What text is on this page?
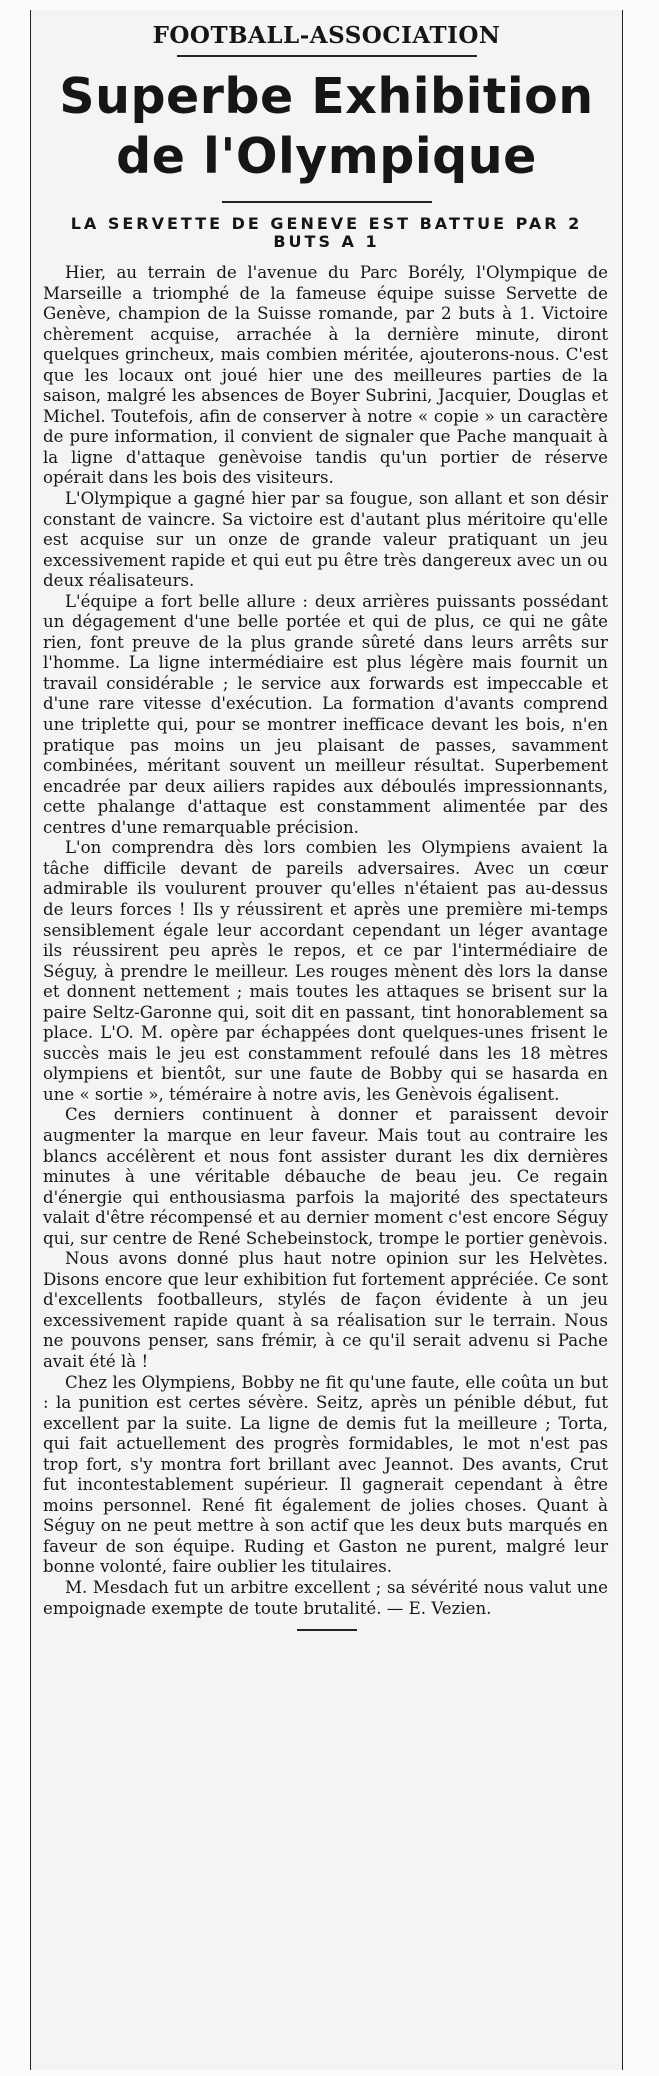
FOOTBALL-ASSOCIATION
Superbe Exhibition
de l'Olympique
LA SERVETTE DE GENEVE EST BATTUE PAR 2 BUTS A 1

Hier, au terrain de l'avenue du Parc Borély, l'Olympique de Marseille a triomphé de la fameuse équipe suisse Servette de Genève, champion de la Suisse romande, par 2 buts à 1. Victoire chèrement acquise, arrachée à la dernière minute, diront quelques grincheux, mais combien méritée, ajouterons-nous. C'est que les locaux ont joué hier une des meilleures parties de la saison, malgré les absences de Boyer Subrini, Jacquier, Douglas et Michel. Toutefois, afin de conserver à notre « copie » un caractère de pure information, il convient de signaler que Pache manquait à la ligne d'attaque genèvoise tandis qu'un portier de réserve opérait dans les bois des visiteurs.

L'Olympique a gagné hier par sa fougue, son allant et son désir constant de vaincre. Sa victoire est d'autant plus méritoire qu'elle est acquise sur un onze de grande valeur pratiquant un jeu excessivement rapide et qui eut pu être très dangereux avec un ou deux réalisateurs.

L'équipe a fort belle allure : deux arrières puissants possédant un dégagement d'une belle portée et qui de plus, ce qui ne gâte rien, font preuve de la plus grande sûreté dans leurs arrêts sur l'homme. La ligne intermédiaire est plus légère mais fournit un travail considérable ; le service aux forwards est impeccable et d'une rare vitesse d'exécution. La formation d'avants comprend une triplette qui, pour se montrer inefficace devant les bois, n'en pratique pas moins un jeu plaisant de passes, savamment combinées, méritant souvent un meilleur résultat. Superbement encadrée par deux ailiers rapides aux déboulés impressionnants, cette phalange d'attaque est constamment alimentée par des centres d'une remarquable précision.

L'on comprendra dès lors combien les Olympiens avaient la tâche difficile devant de pareils adversaires. Avec un cœur admirable ils voulurent prouver qu'elles n'étaient pas au-dessus de leurs forces ! Ils y réussirent et après une première mi-temps sensiblement égale leur accordant cependant un léger avantage ils réussirent peu après le repos, et ce par l'intermédiaire de Séguy, à prendre le meilleur. Les rouges mènent dès lors la danse et donnent nettement ; mais toutes les attaques se brisent sur la paire Seltz-Garonne qui, soit dit en passant, tint honorablement sa place. L'O. M. opère par échappées dont quelques-unes frisent le succès mais le jeu est constamment refoulé dans les 18 mètres olympiens et bientôt, sur une faute de Bobby qui se hasarda en une « sortie », téméraire à notre avis, les Genèvois égalisent.

Ces derniers continuent à donner et paraissent devoir augmenter la marque en leur faveur. Mais tout au contraire les blancs accélèrent et nous font assister durant les dix dernières minutes à une véritable débauche de beau jeu. Ce regain d'énergie qui enthousiasma parfois la majorité des spectateurs valait d'être récompensé et au dernier moment c'est encore Séguy qui, sur centre de René Schebeinstock, trompe le portier genèvois.

Nous avons donné plus haut notre opinion sur les Helvètes. Disons encore que leur exhibition fut fortement appréciée. Ce sont d'excellents footballeurs, stylés de façon évidente à un jeu excessivement rapide quant à sa réalisation sur le terrain. Nous ne pouvons penser, sans frémir, à ce qu'il serait advenu si Pache avait été là !

Chez les Olympiens, Bobby ne fit qu'une faute, elle coûta un but : la punition est certes sévère. Seitz, après un pénible début, fut excellent par la suite. La ligne de demis fut la meilleure ; Torta, qui fait actuellement des progrès formidables, le mot n'est pas trop fort, s'y montra fort brillant avec Jeannot. Des avants, Crut fut incontestablement supérieur. Il gagnerait cependant à être moins personnel. René fit également de jolies choses. Quant à Séguy on ne peut mettre à son actif que les deux buts marqués en faveur de son équipe. Ruding et Gaston ne purent, malgré leur bonne volonté, faire oublier les titulaires.

M. Mesdach fut un arbitre excellent ; sa sévérité nous valut une empoignade exempte de toute brutalité. — E. Vezien.
